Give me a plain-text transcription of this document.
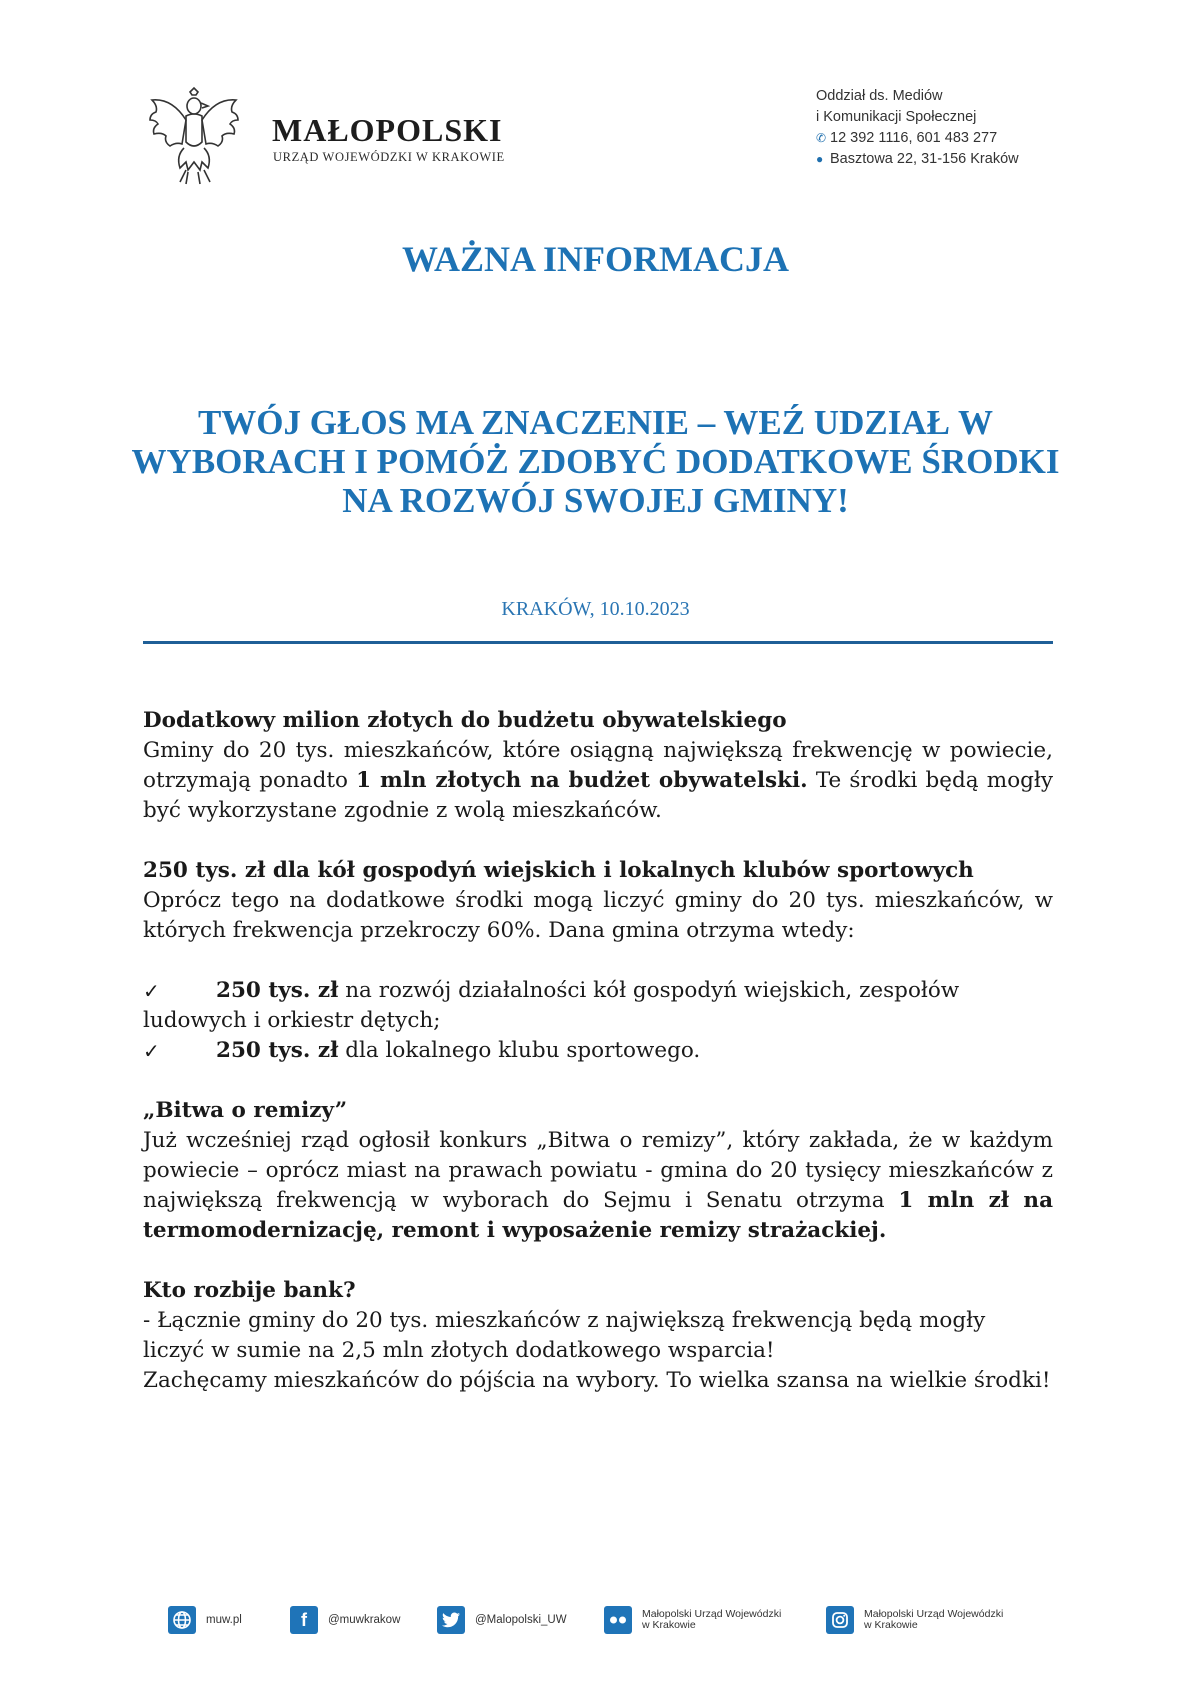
MAŁOPOLSKI
URZĄD WOJEWÓDZKI W KRAKOWIE
Oddział ds. Mediów
i Komunikacji Społecznej
✆ 12 392 1116, 601 483 277
● Basztowa 22, 31-156 Kraków
WAŻNA INFORMACJA
TWÓJ GŁOS MA ZNACZENIE – WEŹ UDZIAŁ W WYBORACH I POMÓŻ ZDOBYĆ DODATKOWE ŚRODKI NA ROZWÓJ SWOJEJ GMINY!
KRAKÓW, 10.10.2023
Dodatkowy milion złotych do budżetu obywatelskiego
Gminy do 20 tys. mieszkańców, które osiągną największą frekwencję w powiecie, otrzymają ponadto 1 mln złotych na budżet obywatelski. Te środki będą mogły być wykorzystane zgodnie z wolą mieszkańców.
250 tys. zł dla kół gospodyń wiejskich i lokalnych klubów sportowych
Oprócz tego na dodatkowe środki mogą liczyć gminy do 20 tys. mieszkańców, w których frekwencja przekroczy 60%. Dana gmina otrzyma wtedy:
✓	250 tys. zł na rozwój działalności kół gospodyń wiejskich, zespołów ludowych i orkiestr dętych;
✓	250 tys. zł dla lokalnego klubu sportowego.
„Bitwa o remizy”
Już wcześniej rząd ogłosił konkurs „Bitwa o remizy”, który zakłada, że w każdym powiecie – oprócz miast na prawach powiatu - gmina do 20 tysięcy mieszkańców z największą frekwencją w wyborach do Sejmu i Senatu otrzyma 1 mln zł na termomodernizację, remont i wyposażenie remizy strażackiej.
Kto rozbije bank?
- Łącznie gminy do 20 tys. mieszkańców z największą frekwencją będą mogły liczyć w sumie na 2,5 mln złotych dodatkowego wsparcia!
Zachęcamy mieszkańców do pójścia na wybory. To wielka szansa na wielkie środki!
muw.pl	f	@muwkrakow	@Malopolski_UW	Małopolski Urząd Wojewódzki
w Krakowie
Małopolski Urząd Wojewódzki
w Krakowie
